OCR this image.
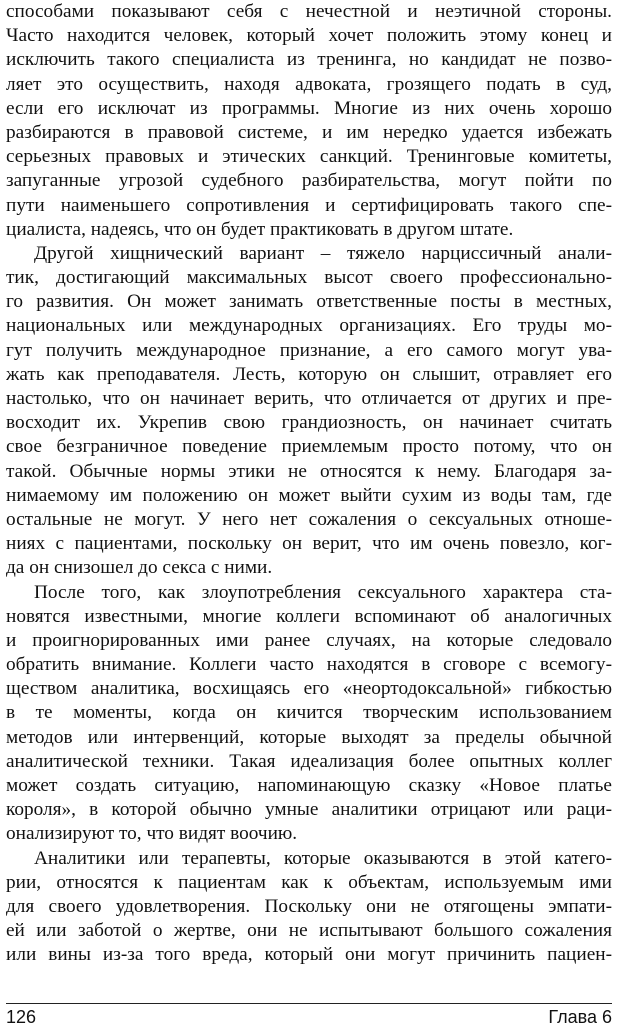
способами показывают себя с нечестной и неэтичной стороны.
Часто находится человек, который хочет положить этому конец и
исключить такого специалиста из тренинга, но кандидат не позво-
ляет это осуществить, находя адвоката, грозящего подать в суд,
если его исключат из программы. Многие из них очень хорошо
разбираются в правовой системе, и им нередко удается избежать
серьезных правовых и этических санкций. Тренинговые комитеты,
запуганные угрозой судебного разбирательства, могут пойти по
пути наименьшего сопротивления и сертифицировать такого спе-
циалиста, надеясь, что он будет практиковать в другом штате.
Другой хищнический вариант – тяжело нарциссичный анали-
тик, достигающий максимальных высот своего профессионально-
го развития. Он может занимать ответственные посты в местных,
национальных или международных организациях. Его труды мо-
гут получить международное признание, а его самого могут ува-
жать как преподавателя. Лесть, которую он слышит, отравляет его
настолько, что он начинает верить, что отличается от других и пре-
восходит их. Укрепив свою грандиозность, он начинает считать
свое безграничное поведение приемлемым просто потому, что он
такой. Обычные нормы этики не относятся к нему. Благодаря за-
нимаемому им положению он может выйти сухим из воды там, где
остальные не могут. У него нет сожаления о сексуальных отноше-
ниях с пациентами, поскольку он верит, что им очень повезло, ког-
да он снизошел до секса с ними.
После того, как злоупотребления сексуального характера ста-
новятся известными, многие коллеги вспоминают об аналогичных
и проигнорированных ими ранее случаях, на которые следовало
обратить внимание. Коллеги часто находятся в сговоре с всемогу-
ществом аналитика, восхищаясь его «неортодоксальной» гибкостью
в те моменты, когда он кичится творческим использованием
методов или интервенций, которые выходят за пределы обычной
аналитической техники. Такая идеализация более опытных коллег
может создать ситуацию, напоминающую сказку «Новое платье
короля», в которой обычно умные аналитики отрицают или раци-
онализируют то, что видят воочию.
Аналитики или терапевты, которые оказываются в этой катего-
рии, относятся к пациентам как к объектам, используемым ими
для своего удовлетворения. Поскольку они не отягощены эмпати-
ей или заботой о жертве, они не испытывают большого сожаления
или вины из-за того вреда, который они могут причинить пациен-
126	Глава 6
